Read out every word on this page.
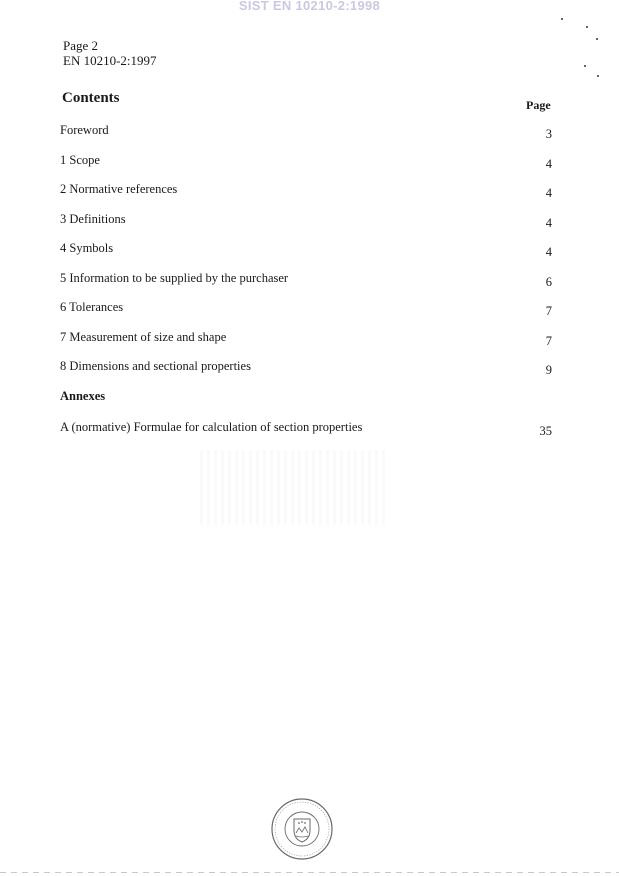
SIST EN 10210-2:1998
Page 2
EN 10210-2:1997
Contents	Page
Foreword	3
1 Scope	4
2 Normative references	4
3 Definitions	4
4 Symbols	4
5 Information to be supplied by the purchaser	6
6 Tolerances	7
7 Measurement of size and shape	7
8 Dimensions and sectional properties	9
Annexes
A (normative) Formulae for calculation of section properties	35
